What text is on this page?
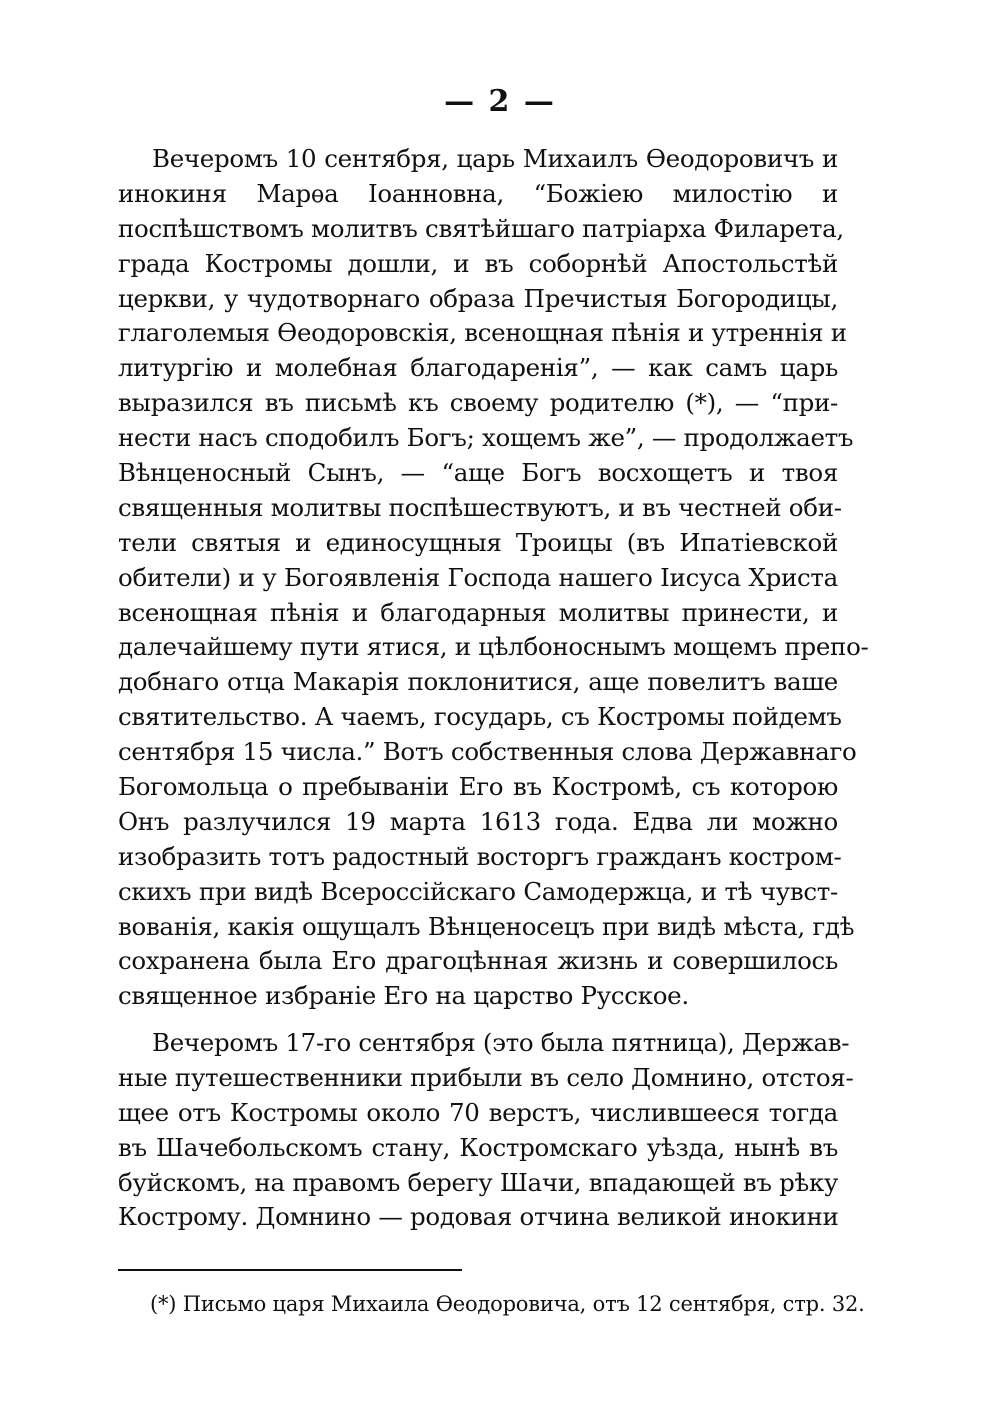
— 2 —
Вечеромъ 10 сентября, царь Михаилъ Ѳеодоровичъ и
инокиня Марѳа Іоанновна, “Божіею милостію и
поспѣшствомъ молитвъ святѣйшаго патріарха Филарета,
града Костромы дошли, и въ соборнѣй Апостольстѣй
церкви, у чудотворнаго образа Пречистыя Богородицы,
глаголемыя Ѳеодоровскія, всенощная пѣнія и утреннія и
литургію и молебная благодаренія”, — как самъ царь
выразился въ письмѣ къ своему родителю (*), — “при-
нести насъ сподобилъ Богъ; хощемъ же”, — продолжаетъ
Вѣнценосный Сынъ, — “аще Богъ восхощетъ и твоя
священныя молитвы поспѣшествуютъ, и въ честней оби-
тели святыя и единосущныя Троицы (въ Ипатіевской
обители) и у Богоявленія Господа нашего Іисуса Христа
всенощная пѣнія и благодарныя молитвы принести, и
далечайшему пути ятися, и цѣлбоноснымъ мощемъ препо-
добнаго отца Макарія поклонитися, аще повелитъ ваше
святительство. А чаемъ, государь, съ Костромы пойдемъ
сентября 15 числа.” Вотъ собственныя слова Державнаго
Богомольца о пребываніи Его въ Костромѣ, съ которою
Онъ разлучился 19 марта 1613 года. Едва ли можно
изобразить тотъ радостный восторгъ гражданъ костром-
скихъ при видѣ Всероссійскаго Самодержца, и тѣ чувст-
вованія, какія ощущалъ Вѣнценосецъ при видѣ мѣста, гдѣ
сохранена была Его драгоцѣнная жизнь и совершилось
священное избраніе Его на царство Русское.
Вечеромъ 17-го сентября (это была пятница), Держав-
ные путешественники прибыли въ село Домнино, отстоя-
щее отъ Костромы около 70 верстъ, числившееся тогда
въ Шачебольскомъ стану, Костромскаго уѣзда, нынѣ въ
буйскомъ, на правомъ берегу Шачи, впадающей въ рѣку
Кострому. Домнино — родовая отчина великой инокини
(*) Письмо царя Михаила Ѳеодоровича, отъ 12 сентября, стр. 32.
